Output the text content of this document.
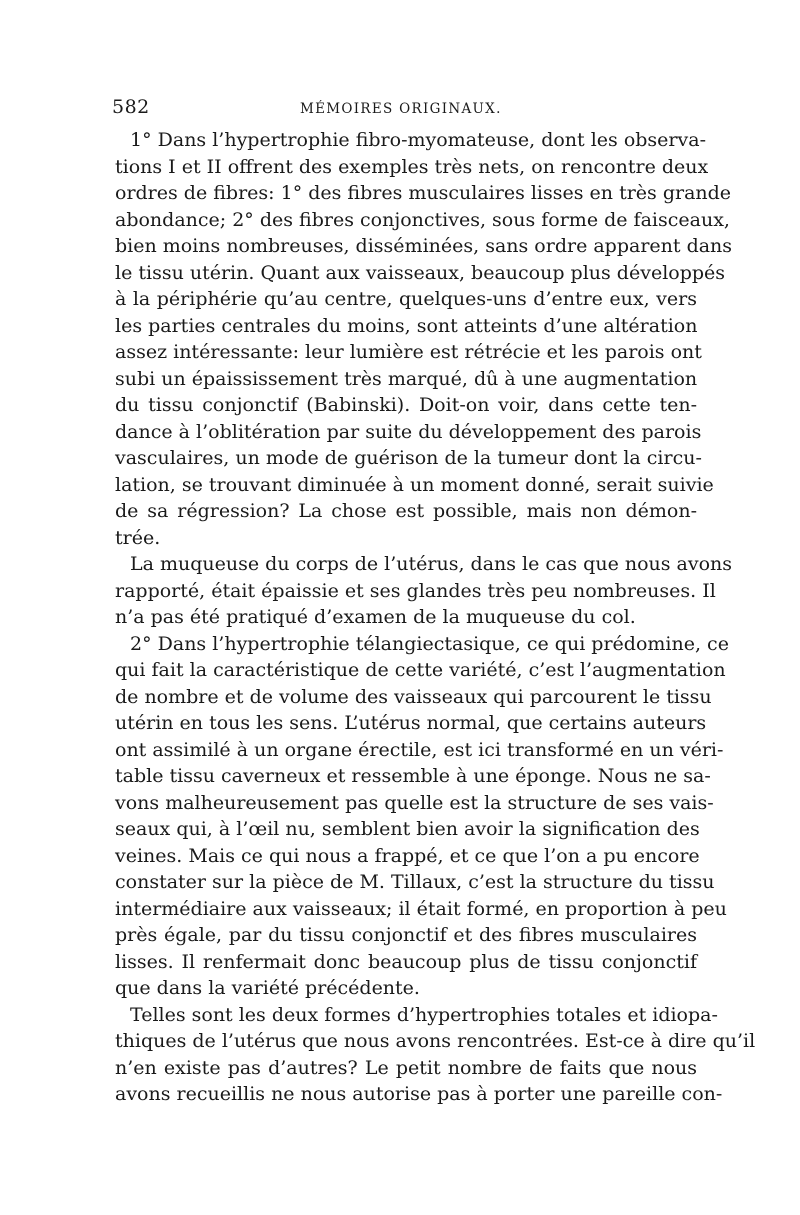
582	MÉMOIRES ORIGINAUX.
1° Dans l’hypertrophie fibro-myomateuse, dont les observa-
tions I et II offrent des exemples très nets, on rencontre deux
ordres de fibres: 1° des fibres musculaires lisses en très grande
abondance; 2° des fibres conjonctives, sous forme de faisceaux,
bien moins nombreuses, disséminées, sans ordre apparent dans
le tissu utérin. Quant aux vaisseaux, beaucoup plus développés
à la périphérie qu’au centre, quelques-uns d’entre eux, vers
les parties centrales du moins, sont atteints d’une altération
assez intéressante: leur lumière est rétrécie et les parois ont
subi un épaississement très marqué, dû à une augmentation
du tissu conjonctif (Babinski). Doit-on voir, dans cette ten-
dance à l’oblitération par suite du développement des parois
vasculaires, un mode de guérison de la tumeur dont la circu-
lation, se trouvant diminuée à un moment donné, serait suivie
de sa régression? La chose est possible, mais non démon-
trée.
La muqueuse du corps de l’utérus, dans le cas que nous avons
rapporté, était épaissie et ses glandes très peu nombreuses. Il
n’a pas été pratiqué d’examen de la muqueuse du col.
2° Dans l’hypertrophie télangiectasique, ce qui prédomine, ce
qui fait la caractéristique de cette variété, c’est l’augmentation
de nombre et de volume des vaisseaux qui parcourent le tissu
utérin en tous les sens. L’utérus normal, que certains auteurs
ont assimilé à un organe érectile, est ici transformé en un véri-
table tissu caverneux et ressemble à une éponge. Nous ne sa-
vons malheureusement pas quelle est la structure de ses vais-
seaux qui, à l’œil nu, semblent bien avoir la signification des
veines. Mais ce qui nous a frappé, et ce que l’on a pu encore
constater sur la pièce de M. Tillaux, c’est la structure du tissu
intermédiaire aux vaisseaux; il était formé, en proportion à peu
près égale, par du tissu conjonctif et des fibres musculaires
lisses. Il renfermait donc beaucoup plus de tissu conjonctif
que dans la variété précédente.
Telles sont les deux formes d’hypertrophies totales et idiopa-
thiques de l’utérus que nous avons rencontrées. Est-ce à dire qu’il
n’en existe pas d’autres? Le petit nombre de faits que nous
avons recueillis ne nous autorise pas à porter une pareille con-
